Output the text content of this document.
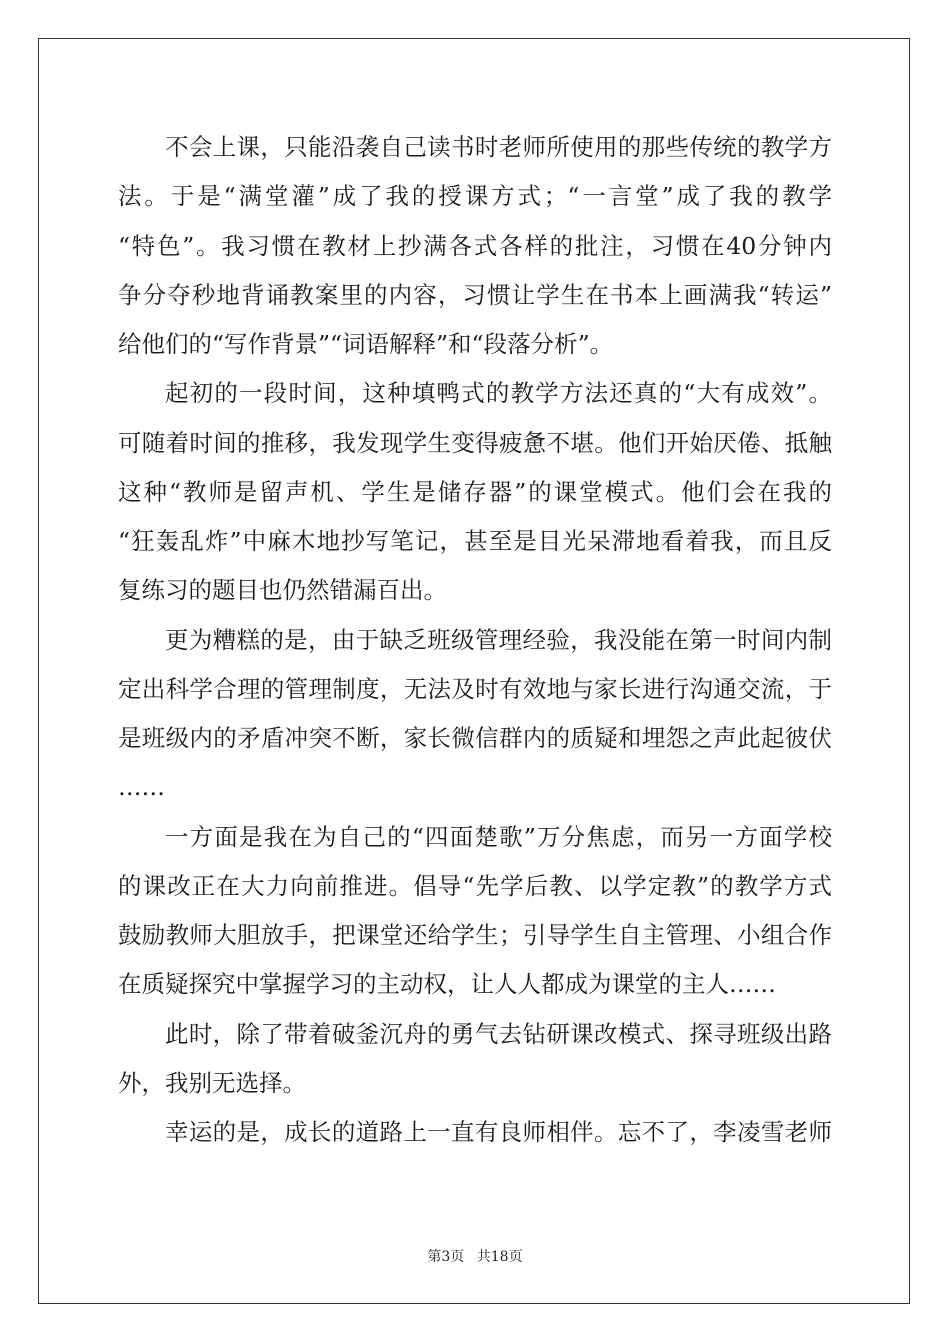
不会上课，只能沿袭自己读书时老师所使用的那些传统的教学方
法。于是“满堂灌”成了我的授课方式；“一言堂”成了我的教学
“特色”。我习惯在教材上抄满各式各样的批注，习惯在40分钟内
争分夺秒地背诵教案里的内容，习惯让学生在书本上画满我“转运”
给他们的“写作背景”“词语解释”和“段落分析”。
起初的一段时间，这种填鸭式的教学方法还真的“大有成效”。
可随着时间的推移，我发现学生变得疲惫不堪。他们开始厌倦、抵触
这种“教师是留声机、学生是储存器”的课堂模式。他们会在我的
“狂轰乱炸”中麻木地抄写笔记，甚至是目光呆滞地看着我，而且反
复练习的题目也仍然错漏百出。
更为糟糕的是，由于缺乏班级管理经验，我没能在第一时间内制
定出科学合理的管理制度，无法及时有效地与家长进行沟通交流，于
是班级内的矛盾冲突不断，家长微信群内的质疑和埋怨之声此起彼伏
……
一方面是我在为自己的“四面楚歌”万分焦虑，而另一方面学校
的课改正在大力向前推进。倡导“先学后教、以学定教”的教学方式
鼓励教师大胆放手，把课堂还给学生；引导学生自主管理、小组合作
在质疑探究中掌握学习的主动权，让人人都成为课堂的主人……
此时，除了带着破釜沉舟的勇气去钻研课改模式、探寻班级出路
外，我别无选择。
幸运的是，成长的道路上一直有良师相伴。忘不了，李凌雪老师
第3页 共18页
